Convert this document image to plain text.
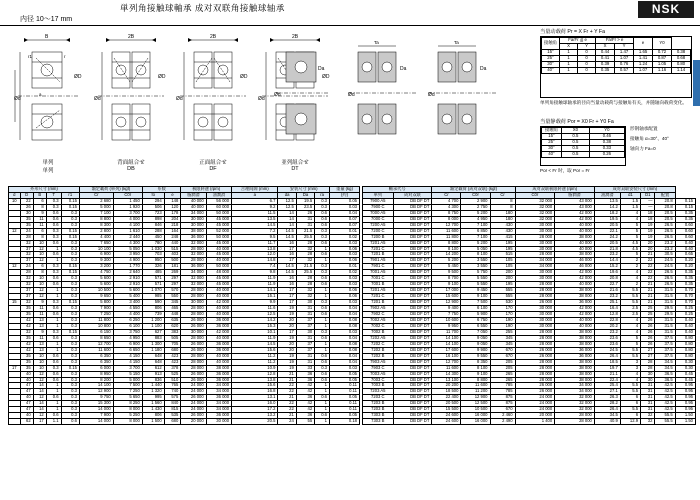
単列角接触球軸承 成对双联角接触球轴承
内径 10～17 mm
NSK
B
Ød
ØD
r
r1
a
単列
单列
2B
Ød
ØD
背面組合せ
DB
2B
Ød
ØD
正面組合せ
DF
2B
Ød
ØD
並列組合せ
DT
Ød
Da
Ød
Da
Ta
Ød
Da
Ta
当量动载荷 Pr = X Fr + Y Fa
接触角	Fa/Fr ≦ e		Fa/Fr > e		e	Y0	
	X	Y	X	Y			
15°	1	0	0.44	1.47	1.65	0.72	0.38
25°	1	0	0.41	1.07	1.41	0.87	0.68
30°	1	0	0.39	0.76	1.24	1.05	0.80
40°	1	0	0.35	0.57	1.07	1.16	1.14
单列角接触球轴承的径向当量动载荷与接触角有关，并随轴向载荷变化。
当量静载荷 Por = X0 Fr + Y0 Fa
接触角	X0	Y0
15°	0.5	0.46
25°	0.5	0.38
30°	0.5	0.33
40°	0.5	0.26
形钢轴承配置
接触角 α=30°、40°
轴向力 Fa=0
Por < Fr 时，取 Por = Fr
外形尺寸 (mm)					額定載荷 (単列) (kgf)		系数		极限转速 (rpm)		合理间隙 (mm)	安装尺寸 (mm)			重量 (kg)
d	D	B	T	r1	Cr	C0r	fo	e	脂潤滑	油潤滑	a	da	Da	ra	(約)
10	22	6	0.3	0.15	2 680	1 450	294	148	40 000	56 000	6.7	12.5	19.5	0.3	0.05
	26	8	0.3	0.15	5 000	1 920	506	120	40 000	60 000	9.2	12.5	23.5	0.3	0.03
	30	9	0.6	0.3	7 100	3 700	723	178	34 000	50 000	11.5	14	26	0.6	0.04
	35	11	0.6	0.3	8 800	4 000	898	204	30 000	45 000	13.5	14	31	0.6	0.07
	35	11	0.6	0.3	8 300	4 100	846	218	30 000	45 000	14.5	14	31	0.6	0.07
12	24	6	0.3	0.15	2 800	1 610	288	164	38 000	52 000	7.2	14.5	21.5	0.3	0.01
	28	8	0.3	0.15	4 400	2 440	450	248	36 000	50 000	9.5	14.5	25.5	0.3	0.02
	32	10	0.6	0.3	7 650	4 300	780	440	32 000	45 000	11.7	16	28	0.6	0.03
	37	12	1	0.3	10 100	5 050	1 030	515	28 000	40 000	13.8	17	32	1	0.06
	32	10	0.6	0.3	6 900	3 950	703	403	32 000	45 000	12.0	16	28	0.6	0.03
	37	12	1	0.3	9 300	4 900	950	500	28 000	40 000	14.8	17	32	1	0.06
12	24	6	0.3	0.15	3 200	1 770	326	181	36 000	50 000	7.4	14.5	21.5	0.3	0.01
	28	8	0.3	0.15	4 750	2 640	485	269	34 000	48 000	9.8	14.5	25.5	0.3	0.02
	32	10	0.6	0.3	5 600	2 910	571	297	32 000	45 000	11.9	16	28	0.6	0.03
	32	10	0.6	0.3	5 600	2 910	571	297	32 000	45 000	11.9	16	28	0.6	0.03
	37	12	1	0.3	10 500	5 600	1 070	570	28 000	40 000	14.1	17	32	1	0.06
	37	12	1	0.3	9 650	5 400	985	550	28 000	40 000	15.1	17	32	1	0.06
15	32	9	0.3	0.15	5 800	3 400	590	345	30 000	42 000	9.9	17	30	0.3	0.03
	35	11	0.6	0.3	7 900	4 550	806	465	28 000	40 000	11.6	19	31	0.6	0.04
	35	11	0.6	0.3	7 250	4 400	739	448	28 000	40 000	12.5	19	31	0.6	0.04
	42	13	1	0.3	11 800	6 250	1 200	635	26 000	36 000	14.2	20	37	1	0.08
	42	13	1	0.3	10 800	6 100	1 100	620	26 000	36 000	15.3	20	37	1	0.08
	32	9	0.3	0.15	6 150	3 750	627	383	30 000	42 000	10.1	17	30	0.3	0.03
	35	11	0.6	0.3	8 650	4 950	883	505	28 000	40 000	11.9	19	31	0.6	0.04
	42	13	1	0.3	12 700	6 900	1 300	705	26 000	36 000	14.5	20	37	1	0.08
	42	13	1	0.3	11 600	6 650	1 180	680	26 000	36 000	15.6	20	37	1	0.08
	35	10	0.6	0.3	6 350	4 150	648	423	28 000	40 000	11.2	19	31	0.6	0.04
	35	10	0.6	0.3	6 350	4 150	648	423	28 000	40 000	11.2	19	31	0.6	0.04
17	35	10	0.3	0.15	6 000	3 700	612	378	28 000	38 000	10.9	19	33	0.3	0.03
	40	12	0.6	0.3	8 950	5 150	913	525	26 000	36 000	12.8	21	36	0.6	0.05
	40	12	0.6	0.3	8 200	5 000	836	510	26 000	36 000	13.8	21	36	0.6	0.05
	47	14	1	0.3	14 100	7 500	1 440	765	24 000	34 000	15.6	22	42	1	0.11
	47	14	1	0.3	12 900	7 250	1 320	740	24 000	34 000	16.8	22	42	1	0.11
	40	12	0.6	0.3	9 750	5 650	995	575	26 000	36 000	13.1	21	36	0.6	0.05
	47	14	1	0.3	15 300	8 250	1 560	840	24 000	34 000	16.0	22	42	1	0.11
	47	14	1	0.3	14 000	8 000	1 430	815	24 000	34 000	17.2	22	42	1	0.11
	40	12	0.6	0.3	7 900	5 250	806	535	26 000	36 000	13.2	21	36	0.6	0.05
	62	17	1.1	0.6	14 000	8 000	1 500	680	20 000	30 000	20.5	24	55	1	0.18
軸承代号		額定載荷 (成对双联) (kgf)			成对双联极限转速 (rpm)		成对双联安装尺寸 (mm)				
単列	成对双联	Cr	C0r	Cr	C0r	脂潤滑	油潤滑	d1	D1	配置	
7900 A5	DB DF DT	4 700	2 900	8	32 000	43 000	13.5	1.5	—	20.8	0.15
7900 C	DB DF DT	4 300	2 750	8	32 000	43 000	14.2	1.5	—	20.8	0.15
7000 A5	DB DF DT	8 750	5 200	180	32 000	42 000	18.2	4	18	20.5	0.35
7000 C	DB DF DT	8 000	4 950	180	32 000	42 000	19.5	4	18	20.5	0.35
7200 A5	DB DF DT	12 700	7 100	430	30 000	40 000	20.5	5	19	26.5	0.60
7200 C	DB DF DT	11 600	6 850	430	30 000	40 000	22.1	5	19	26.5	0.60
7200 B	DB DF DT	11 800	7 100	415	28 000	38 000	24.2	5	19	26.5	0.60
7201 A5	DB DF DT	8 800	5 200	195	30 000	40 000	20.5	4.5	20	23.2	0.40
7201 C	DB DF DT	8 100	5 050	195	30 000	40 000	21.8	4.5	20	23.2	0.40
7201 B	DB DF DT	14 200	8 100	515	28 000	38 000	23.2	5	21	30.5	0.65
7901 A5	DB DF DT	5 200	3 550	105	34 000	46 000	14.4	2	22	24.5	0.20
7901 C	DB DF DT	5 450	3 550	105	34 000	46 000	15.2	2	22	24.5	0.20
7001 A5	DB DF DT	9 500	5 750	200	30 000	42 000	19.6	4	22	26.5	0.35
7001 C	DB DF DT	8 700	5 550	200	30 000	42 000	20.8	4	22	26.5	0.35
7001 B	DB DF DT	9 100	5 550	195	28 000	40 000	22.7	2	21	26.5	0.35
7201 A5	DB DF DT	17 000	9 450	555	28 000	38 000	21.6	5.5	21	31.5	0.70
7201 C	DB DF DT	15 600	9 100	555	28 000	38 000	23.2	5.5	21	31.5	0.70
7201 B	DB DF DT	12 900	7 500	530	26 000	36 000	25.1	5.5	21	31.5	0.70
7902 A5	DB DF DT	9 400	6 100	170	30 000	42 000	16.4	2.5	25	29.5	0.25
7902 C	DB DF DT	7 750	5 900	170	30 000	42 000	12.8	2.5	25	29.5	0.25
7002 A5	DB DF DT	10 600	6 750	190	30 000	40 000	22.8	4	26	31.5	0.40
7002 C	DB DF DT	9 950	6 550	190	30 000	40 000	20.2	4	26	31.5	0.40
7002 B	DB DF DT	11 700	7 050	255	28 000	38 000	23.2	4	26	31.5	0.40
7202 A5	DB DF DT	14 100	9 050	345	28 000	38 000	23.6	5	26	37.5	0.80
7202 C	DB DF DT	14 100	9 050	345	28 000	38 000	23.6	5	26	37.5	0.80
7202 B	DB DF DT	17 600	9 900	670	26 000	36 000	24.5	5.5	27	37.5	0.80
7202 B	DB DF DT	16 100	9 550	670	26 000	36 000	26.4	5.5	27	37.5	0.80
7903 A5	DB DF DT	12 700	8 350	205	28 000	38 000	18.5	3	28	34.5	0.30
7903 C	DB DF DT	11 600	8 100	205	28 000	38 000	19.7	3	28	34.5	0.30
7003 A5	DB DF DT	14 300	9 100	265	28 000	38 000	21.1	4	30	36.5	0.45
7003 C	DB DF DT	13 100	8 800	265	28 000	38 000	22.4	4	30	36.5	0.45
7003 B	DB DF DT	20 200	11 600	785	26 000	34 000	25.4	5.5	31	42.5	0.95
7203 A5	DB DF DT	18 500	11 200	785	26 000	34 000	27.1	5.5	31	42.5	0.95
7203 C	DB DF DT	22 400	12 900	875	24 000	32 000	26.3	6	31	42.5	0.95
7203 B	DB DF DT	20 500	12 500	875	24 000	32 000	28.2	6	31	42.5	0.95
7203 B	DB DF DT	15 500	10 500	670	24 000	32 000	26.4	5.5	31	42.5	0.95
7303 B	DB DF DT	24 600	16 000	2 460	20 000	28 000	34.5	6	32	55.5	1.50
7303 B	DB DF DT	24 600	16 000	2 490	1 400	28 000	40.9	12.9	32	55.5	1.50
